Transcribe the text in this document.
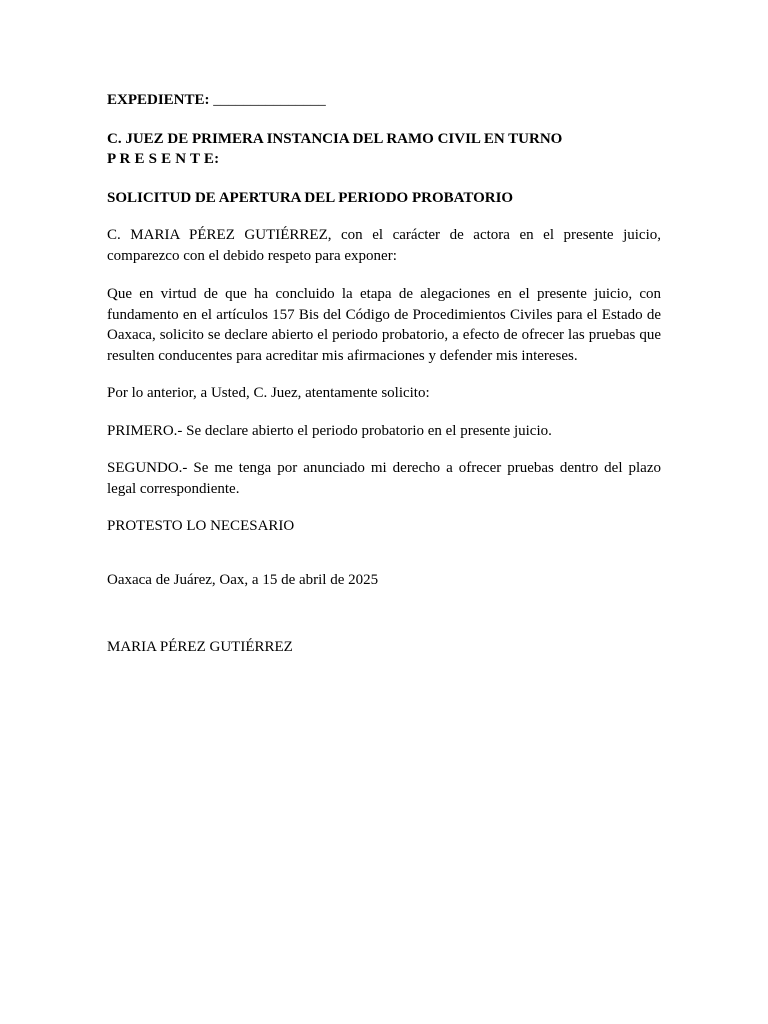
EXPEDIENTE: _______________

C. JUEZ DE PRIMERA INSTANCIA DEL RAMO CIVIL EN TURNO

P R E S E N T E:

SOLICITUD DE APERTURA DEL PERIODO PROBATORIO

C. MARIA PÉREZ GUTIÉRREZ, con el carácter de actora en el presente juicio, comparezco con el debido respeto para exponer:

Que en virtud de que ha concluido la etapa de alegaciones en el presente juicio, con fundamento en el artículos 157 Bis del Código de Procedimientos Civiles para el Estado de Oaxaca, solicito se declare abierto el periodo probatorio, a efecto de ofrecer las pruebas que resulten conducentes para acreditar mis afirmaciones y defender mis intereses.

Por lo anterior, a Usted, C. Juez, atentamente solicito:

PRIMERO.- Se declare abierto el periodo probatorio en el presente juicio.

SEGUNDO.- Se me tenga por anunciado mi derecho a ofrecer pruebas dentro del plazo legal correspondiente.

PROTESTO LO NECESARIO

Oaxaca de Juárez, Oax, a 15 de abril de 2025

MARIA PÉREZ GUTIÉRREZ
